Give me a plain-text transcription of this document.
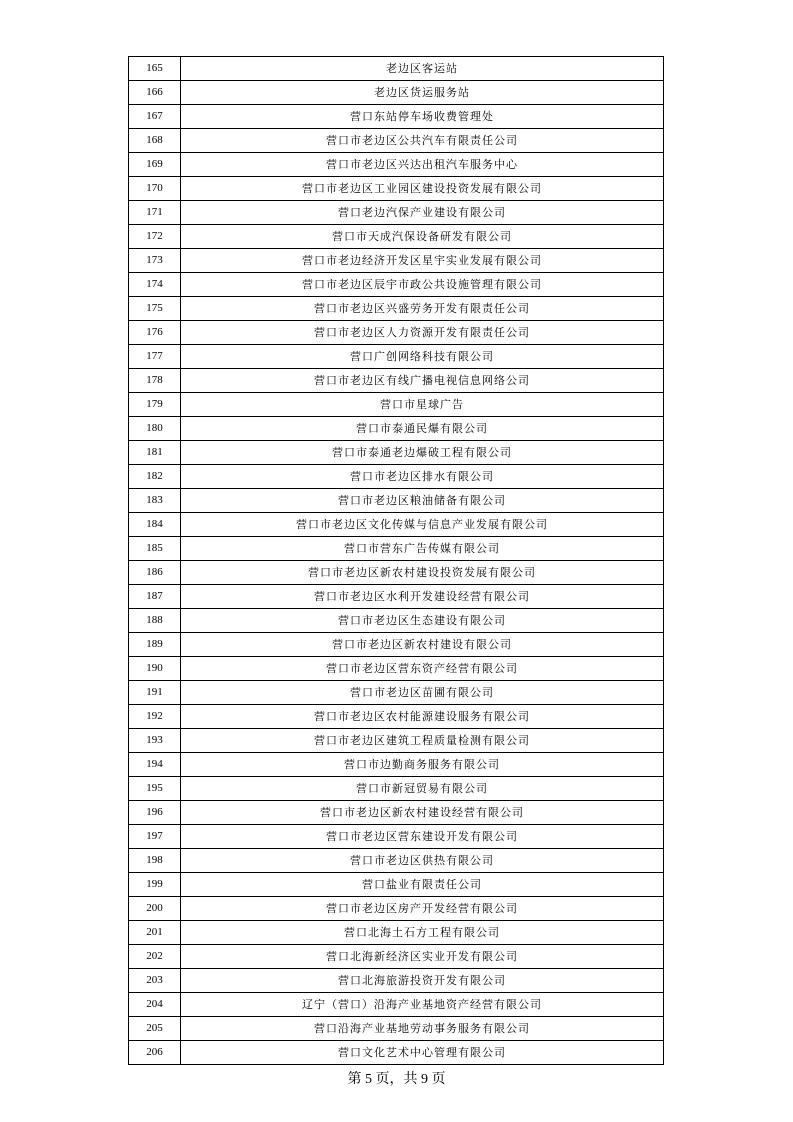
165	老边区客运站
166	老边区货运服务站
167	营口东站停车场收费管理处
168	营口市老边区公共汽车有限责任公司
169	营口市老边区兴达出租汽车服务中心
170	营口市老边区工业园区建设投资发展有限公司
171	营口老边汽保产业建设有限公司
172	营口市天成汽保设备研发有限公司
173	营口市老边经济开发区星宇实业发展有限公司
174	营口市老边区辰宇市政公共设施管理有限公司
175	营口市老边区兴盛劳务开发有限责任公司
176	营口市老边区人力资源开发有限责任公司
177	营口广创网络科技有限公司
178	营口市老边区有线广播电视信息网络公司
179	营口市星球广告
180	营口市泰通民爆有限公司
181	营口市泰通老边爆破工程有限公司
182	营口市老边区排水有限公司
183	营口市老边区粮油储备有限公司
184	营口市老边区文化传媒与信息产业发展有限公司
185	营口市营东广告传媒有限公司
186	营口市老边区新农村建设投资发展有限公司
187	营口市老边区水利开发建设经营有限公司
188	营口市老边区生态建设有限公司
189	营口市老边区新农村建设有限公司
190	营口市老边区营东资产经营有限公司
191	营口市老边区苗圃有限公司
192	营口市老边区农村能源建设服务有限公司
193	营口市老边区建筑工程质量检测有限公司
194	营口市边勤商务服务有限公司
195	营口市新冠贸易有限公司
196	营口市老边区新农村建设经营有限公司
197	营口市老边区营东建设开发有限公司
198	营口市老边区供热有限公司
199	营口盐业有限责任公司
200	营口市老边区房产开发经营有限公司
201	营口北海土石方工程有限公司
202	营口北海新经济区实业开发有限公司
203	营口北海旅游投资开发有限公司
204	辽宁（营口）沿海产业基地资产经营有限公司
205	营口沿海产业基地劳动事务服务有限公司
206	营口文化艺术中心管理有限公司
第 5 页，共 9 页
